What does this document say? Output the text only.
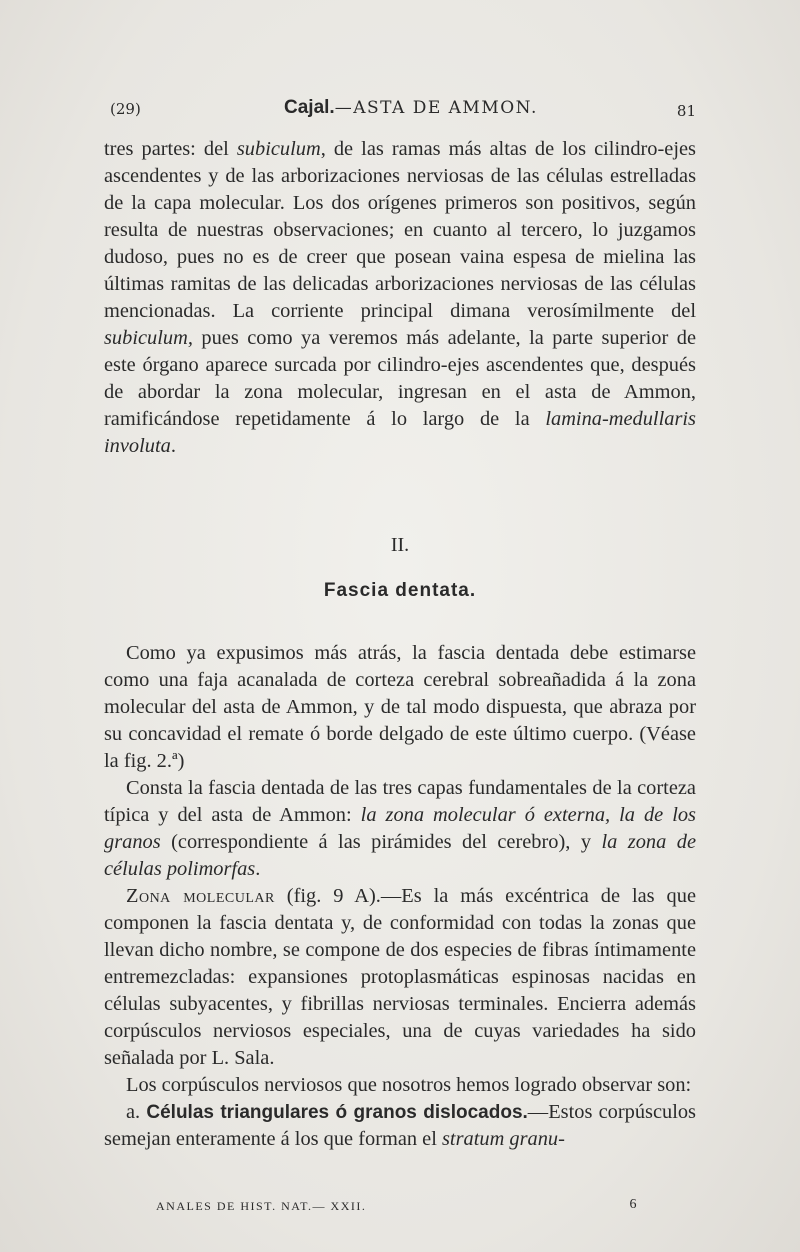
(29)	Cajal.—ASTA DE AMMON.	81

tres partes: del subiculum, de las ramas más altas de los cilindro-ejes ascendentes y de las arborizaciones nerviosas de las células estrelladas de la capa molecular. Los dos orígenes primeros son positivos, según resulta de nuestras observaciones; en cuanto al tercero, lo juzgamos dudoso, pues no es de creer que posean vaina espesa de mielina las últimas ramitas de las delicadas arborizaciones nerviosas de las células mencionadas. La corriente principal dimana verosímilmente del subiculum, pues como ya veremos más adelante, la parte superior de este órgano aparece surcada por cilindro-ejes ascendentes que, después de abordar la zona molecular, ingresan en el asta de Ammon, ramificándose repetidamente á lo largo de la lamina-medullaris involuta.

II.
Fascia dentata.

Como ya expusimos más atrás, la fascia dentada debe estimarse como una faja acanalada de corteza cerebral sobreañadida á la zona molecular del asta de Ammon, y de tal modo dispuesta, que abraza por su concavidad el remate ó borde delgado de este último cuerpo. (Véase la fig. 2.ª)

Consta la fascia dentada de las tres capas fundamentales de la corteza típica y del asta de Ammon: la zona molecular ó externa, la de los granos (correspondiente á las pirámides del cerebro), y la zona de células polimorfas.

Zona molecular (fig. 9 A).—Es la más excéntrica de las que componen la fascia dentata y, de conformidad con todas la zonas que llevan dicho nombre, se compone de dos especies de fibras íntimamente entremezcladas: expansiones protoplasmáticas espinosas nacidas en células subyacentes, y fibrillas nerviosas terminales. Encierra además corpúsculos nerviosos especiales, una de cuyas variedades ha sido señalada por L. Sala.

Los corpúsculos nerviosos que nosotros hemos logrado observar son:

a. Células triangulares ó granos dislocados.—Estos corpúsculos semejan enteramente á los que forman el stratum granu-

ANALES DE HIST. NAT.— XXII.	6
